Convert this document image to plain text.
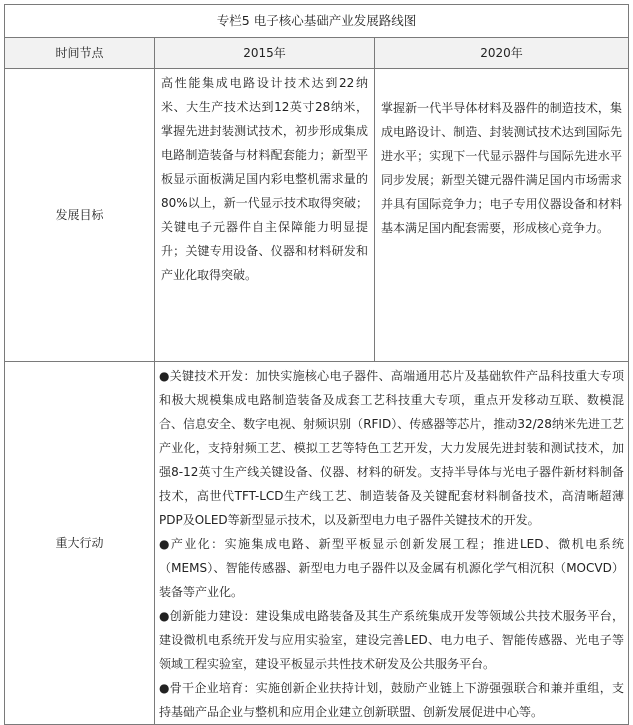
专栏5 电子核心基础产业发展路线图		
时间节点	2015年	2020年
发展目标	高性能集成电路设计技术达到22纳米、大生产技术达到12英寸28纳米，掌握先进封装测试技术，初步形成集成电路制造装备与材料配套能力；新型平板显示面板满足国内彩电整机需求量的80%以上，新一代显示技术取得突破；关键电子元器件自主保障能力明显提升；关键专用设备、仪器和材料研发和产业化取得突破。	掌握新一代半导体材料及器件的制造技术，集成电路设计、制造、封装测试技术达到国际先进水平；实现下一代显示器件与国际先进水平同步发展；新型关键元器件满足国内市场需求并具有国际竞争力；电子专用仪器设备和材料基本满足国内配套需要，形成核心竞争力。
重大行动	●关键技术开发：加快实施核心电子器件、高端通用芯片及基础软件产品科技重大专项和极大规模集成电路制造装备及成套工艺科技重大专项，重点开发移动互联、数模混合、信息安全、数字电视、射频识别（RFID）、传感器等芯片，推动32/28纳米先进工艺产业化，支持射频工艺、模拟工艺等特色工艺开发，大力发展先进封装和测试技术，加强8-12英寸生产线关键设备、仪器、材料的研发。支持半导体与光电子器件新材料制备技术，高世代TFT-LCD生产线工艺、制造装备及关键配套材料制备技术，高清晰超薄PDP及OLED等新型显示技术，以及新型电力电子器件关键技术的开发。
●产业化：实施集成电路、新型平板显示创新发展工程；推进LED、微机电系统（MEMS）、智能传感器、新型电力电子器件以及金属有机源化学气相沉积（MOCVD）装备等产业化。
●创新能力建设：建设集成电路装备及其生产系统集成开发等领域公共技术服务平台，建设微机电系统开发与应用实验室，建设完善LED、电力电子、智能传感器、光电子等领域工程实验室，建设平板显示共性技术研发及公共服务平台。
●骨干企业培育：实施创新企业扶持计划，鼓励产业链上下游强强联合和兼并重组，支持基础产品企业与整机和应用企业建立创新联盟、创新发展促进中心等。	
